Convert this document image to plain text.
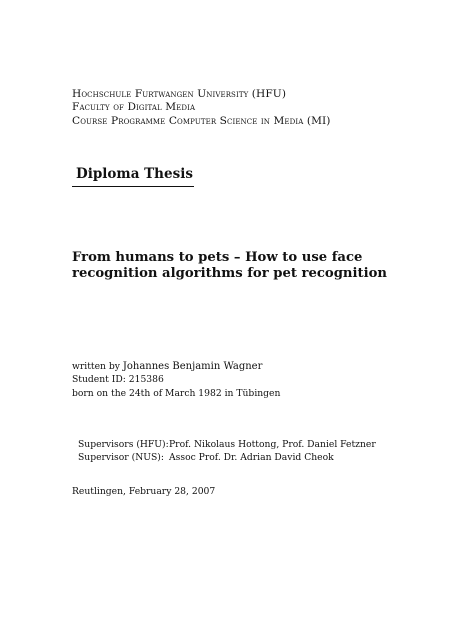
Hochschule Furtwangen University (HFU)
Faculty of Digital Media
Course Programme Computer Science in Media (MI)
Diploma Thesis
From humans to pets – How to use face
recognition algorithms for pet recognition
written by Johannes Benjamin Wagner
Student ID: 215386
born on the 24th of March 1982 in Tübingen
Supervisors (HFU): Prof. Nikolaus Hottong, Prof. Daniel Fetzner
Supervisor (NUS): Assoc Prof. Dr. Adrian David Cheok
Reutlingen, February 28, 2007
